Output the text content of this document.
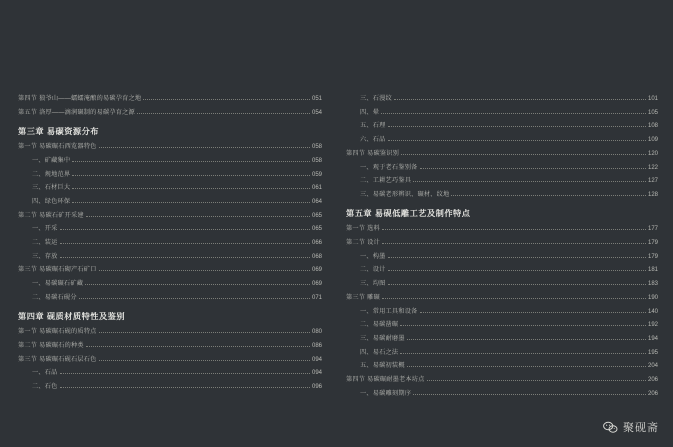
第四节 狼爷山——蠕蠕淹酿的易碳孕育之地	051
第五节 洛厚——滴润碾制的易碳孕育之源	054
第三章 易碳资源分布
第一节 易碳碾石西览器特色	058
一、矿藏集中	058
二、规地范界	059
三、石材巨大	061
四、绿色环保	064
第二节 易碳石矿开采建	065
一、开采	065
二、装运	066
三、存放	068
第三节 易碳碾石砌产石矿口	069
一、易碳碾石矿藏	069
二、易碳石砚分	071
第四章 砚质材质特性及鉴别
第一节 易碳碾石砚的质特点	080
第二节 易碳碾石的种类	086
第三节 易碳碾石砚石层石色	094
一、石品	094
二、石色	096
三、石漫纹	101
四、晕	105
五、石理	108
六、石品	109
第四节 易碳鉴识别	120
一、观于老石鉴别备	122
二、工耕艺巧鉴具	127
三、易碳老形辨识、碾材、纹地	128
第五章 易砚低雕工艺及制作特点
第一节 选料	177
第二节 设计	179
一、构墨	179
二、设计	181
三、均图	183
第三节 雕碾	190
一、常用工具和设备	140
二、易碳凿碾	192
三、易碳耐磨墨	194
四、易石之法	195
五、易碳初装概	204
第四节 易碳碾耐墨老本坊点	206
一、易碳雕刻期序	206
聚砚斋
